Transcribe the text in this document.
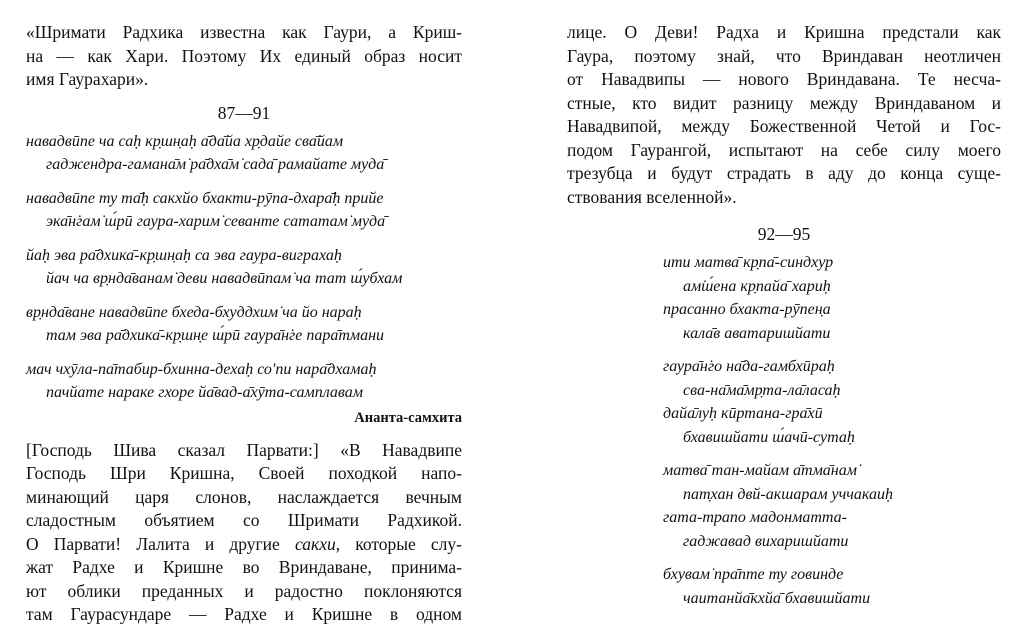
«Шримати Радхика известна как Гаури, а Криш-
на — как Хари. Поэтому Их единый образ носит
имя Гаурахари».
87—91
навадвӣпе ча саḥ кр̣шн̣аḥ а̄да̄йа хр̣дайе сва̄йам
гаджендра-гамана̄м̇ ра̄дха̄м̇ сада̄ рамайате муда̄
навадвӣпе ту та̄ḥ сакхйо бхакти-рӯпа-дхара̄ḥ прийе
эка̄н̇гам̇ ш́рӣ гаура-харим̇ севанте сататам̇ муда̄
йаḥ эва ра̄дхика̄-кр̣шн̣аḥ са эва гаура-виграхаḥ
йач ча вр̣нда̄ванам̇ деви навадвӣпам̇ ча тат ш́убхам
вр̣нда̄ване навадвӣпе бхеда-бхуддхим̇ ча йо нараḥ
там эва ра̄дхика̄-кр̣шн̣е ш́рӣ гаура̄н̇ге пара̄тмани
мач чхӯла-па̄табир-бхинна-дехаḥ со'пи нара̄дхамаḥ
пачйате нараке гхоре йа̄вад-а̄хӯта-самплавам
Ананта-самхита
[Господь Шива сказал Парвати:] «В Навадвипе
Господь Шри Кришна, Своей походкой напо-
минающий царя слонов, наслаждается вечным
сладостным объятием со Шримати Радхикой.
О Парвати! Лалита и другие сакхи, которые слу-
жат Радхе и Кришне во Вриндаване, принима-
ют облики преданных и радостно поклоняются
там Гаурасундаре — Радхе и Кришне в одном
лице. О Деви! Радха и Кришна предстали как
Гаура, поэтому знай, что Вриндаван неотличен
от Навадвипы — нового Вриндавана. Те несча-
стные, кто видит разницу между Вриндаваном и
Навадвипой, между Божественной Четой и Гос-
подом Гаурангой, испытают на себе силу моего
трезубца и будут страдать в аду до конца суще-
ствования вселенной».
92—95
ити матва̄ кр̣па̄-синдхур
ам̇ш́ена кр̣пайа̄ хариḥ
прасанно бхакта-рӯпен̣а
кала̄в аватаришйати
гаура̄н̇го на̄да-гамбхӣраḥ
сва-на̄ма̄мр̣та-ла̄ласаḥ
дайа̄луḥ кӣртана-гра̄хӣ
бхавишйати ш́ачӣ-сутаḥ
матва̄ тан-майам а̄тма̄нам̇
пат̣хан двй-акшарам уччакаиḥ
гата-трапо мадонматта-
гаджавад вихаришйати
бхувам̇ пра̄пте ту говинде
чаитанйа̄кхйа̄ бхавишйати
